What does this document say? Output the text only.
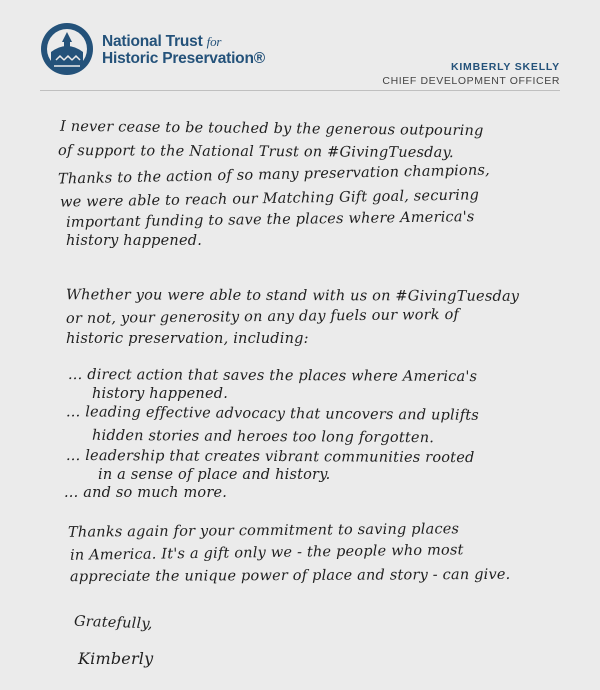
National Trust for
Historic Preservation®	KIMBERLY SKELLY
CHIEF DEVELOPMENT OFFICER
I never cease to be touched by the generous outpouring
of support to the National Trust on #GivingTuesday.
Thanks to the action of so many preservation champions,
we were able to reach our Matching Gift goal, securing
important funding to save the places where America's
history happened.
Whether you were able to stand with us on #GivingTuesday
or not, your generosity on any day fuels our work of
historic preservation, including:
... direct action that saves the places where America's
history happened.
... leading effective advocacy that uncovers and uplifts
hidden stories and heroes too long forgotten.
... leadership that creates vibrant communities rooted
in a sense of place and history.
... and so much more.
Thanks again for your commitment to saving places
in America. It's a gift only we - the people who most
appreciate the unique power of place and story - can give.
Gratefully,
Kimberly
